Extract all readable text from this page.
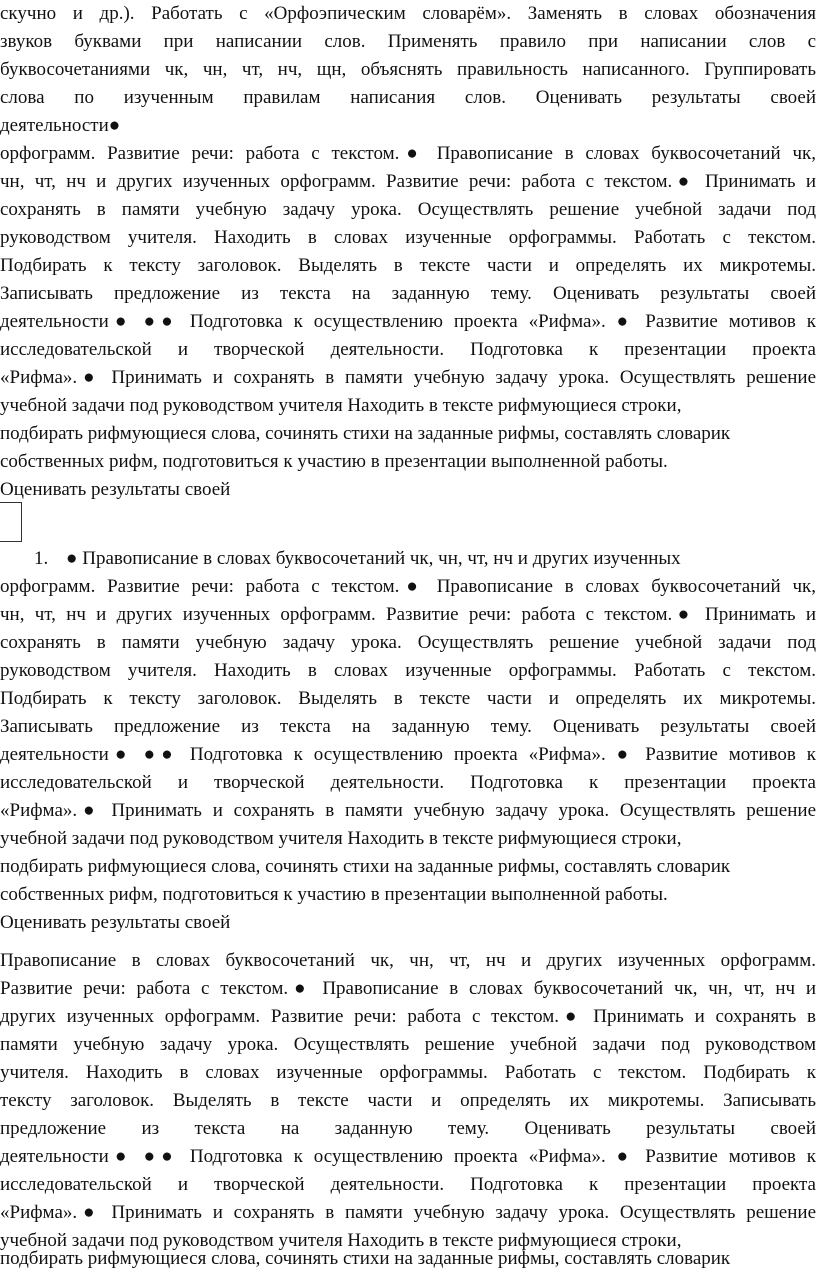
скучно и др.). Работать с «Орфоэпическим словарём». Заменять в словах обозначения
звуков буквами при написании слов. Применять правило при написании слов с
буквосочетаниями чк, чн, чт, нч, щн, объяснять правильность написанного. Группировать
слова по изученным правилам написания слов. Оценивать результаты своей
деятельности●
орфограмм. Развитие речи: работа с текстом.● Правописание в словах буквосочетаний чк,
чн, чт, нч и других изученных орфограмм. Развитие речи: работа с текстом.● Принимать и
сохранять в памяти учебную задачу урока. Осуществлять решение учебной задачи под
руководством учителя. Находить в словах изученные орфограммы. Работать с текстом.
Подбирать к тексту заголовок. Выделять в тексте части и определять их микротемы.
Записывать предложение из текста на заданную тему. Оценивать результаты своей
деятельности● ●● Подготовка к осуществлению проекта «Рифма». ● Развитие мотивов к
исследовательской и творческой деятельности. Подготовка к презентации проекта
«Рифма».● Принимать и сохранять в памяти учебную задачу урока. Осуществлять решение
учебной задачи под руководством учителя Находить в тексте рифмующиеся строки,
подбирать рифмующиеся слова, сочинять стихи на заданные рифмы, составлять словарик
собственных рифм, подготовиться к участию в презентации выполненной работы.
Оценивать результаты своей
1. ● Правописание в словах буквосочетаний чк, чн, чт, нч и других изученных
орфограмм. Развитие речи: работа с текстом.● Правописание в словах буквосочетаний чк,
чн, чт, нч и других изученных орфограмм. Развитие речи: работа с текстом.● Принимать и
сохранять в памяти учебную задачу урока. Осуществлять решение учебной задачи под
руководством учителя. Находить в словах изученные орфограммы. Работать с текстом.
Подбирать к тексту заголовок. Выделять в тексте части и определять их микротемы.
Записывать предложение из текста на заданную тему. Оценивать результаты своей
деятельности● ●● Подготовка к осуществлению проекта «Рифма». ● Развитие мотивов к
исследовательской и творческой деятельности. Подготовка к презентации проекта
«Рифма».● Принимать и сохранять в памяти учебную задачу урока. Осуществлять решение
учебной задачи под руководством учителя Находить в тексте рифмующиеся строки,
подбирать рифмующиеся слова, сочинять стихи на заданные рифмы, составлять словарик
собственных рифм, подготовиться к участию в презентации выполненной работы.
Оценивать результаты своей
Правописание в словах буквосочетаний чк, чн, чт, нч и других изученных орфограмм.
Развитие речи: работа с текстом.● Правописание в словах буквосочетаний чк, чн, чт, нч и
других изученных орфограмм. Развитие речи: работа с текстом.● Принимать и сохранять в
памяти учебную задачу урока. Осуществлять решение учебной задачи под руководством
учителя. Находить в словах изученные орфограммы. Работать с текстом. Подбирать к
тексту заголовок. Выделять в тексте части и определять их микротемы. Записывать
предложение из текста на заданную тему. Оценивать результаты своей
деятельности● ●● Подготовка к осуществлению проекта «Рифма». ● Развитие мотивов к
исследовательской и творческой деятельности. Подготовка к презентации проекта
«Рифма».● Принимать и сохранять в памяти учебную задачу урока. Осуществлять решение
учебной задачи под руководством учителя Находить в тексте рифмующиеся строки,
подбирать рифмующиеся слова, сочинять стихи на заданные рифмы, составлять словарик
